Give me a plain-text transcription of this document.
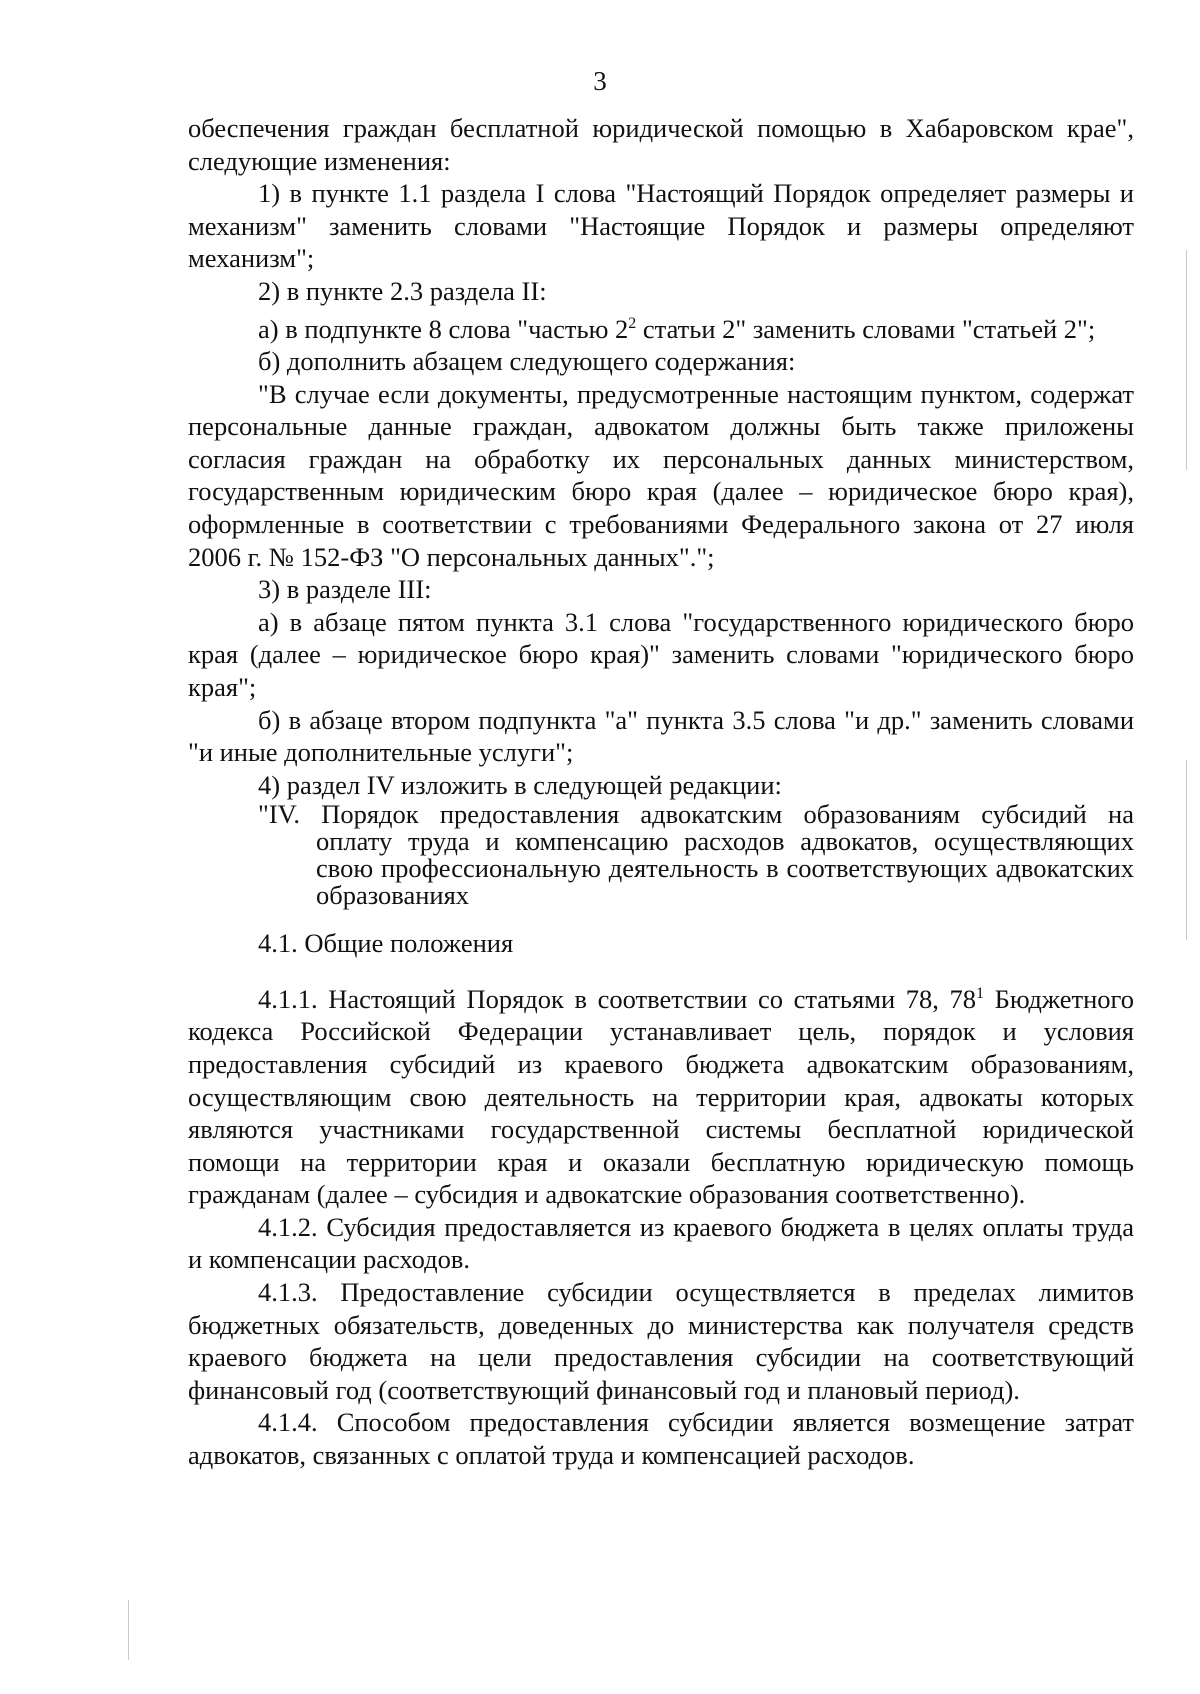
3

обеспечения граждан бесплатной юридической помощью в Хабаровском крае", следующие изменения:

1) в пункте 1.1 раздела I слова "Настоящий Порядок определяет размеры и механизм" заменить словами "Настоящие Порядок и размеры определяют механизм";

2) в пункте 2.3 раздела II:

а) в подпункте 8 слова "частью $2^2$ статьи 2" заменить словами "статьей 2";

б) дополнить абзацем следующего содержания:

"В случае если документы, предусмотренные настоящим пунктом, содержат персональные данные граждан, адвокатом должны быть также приложены согласия граждан на обработку их персональных данных министерством, государственным юридическим бюро края (далее – юридическое бюро края), оформленные в соответствии с требованиями Федерального закона от 27 июля 2006 г. № 152-ФЗ "О персональных данных".";

3) в разделе III:

а) в абзаце пятом пункта 3.1 слова "государственного юридического бюро края (далее – юридическое бюро края)" заменить словами "юридического бюро края";

б) в абзаце втором подпункта "а" пункта 3.5 слова "и др." заменить словами "и иные дополнительные услуги";

4) раздел IV изложить в следующей редакции:

"IV. Порядок предоставления адвокатским образованиям субсидий на
оплату труда и компенсацию расходов адвокатов, осуществляющих свою профессиональную деятельность в соответствующих адвокатских образованиях

4.1. Общие положения

4.1.1. Настоящий Порядок в соответствии со статьями 78, $78^1$ Бюджетного кодекса Российской Федерации устанавливает цель, порядок и условия предоставления субсидий из краевого бюджета адвокатским образованиям, осуществляющим свою деятельность на территории края, адвокаты которых являются участниками государственной системы бесплатной юридической помощи на территории края и оказали бесплатную юридическую помощь гражданам (далее – субсидия и адвокатские образования соответственно).

4.1.2. Субсидия предоставляется из краевого бюджета в целях оплаты труда и компенсации расходов.

4.1.3. Предоставление субсидии осуществляется в пределах лимитов бюджетных обязательств, доведенных до министерства как получателя средств краевого бюджета на цели предоставления субсидии на соответствующий финансовый год (соответствующий финансовый год и плановый период).

4.1.4. Способом предоставления субсидии является возмещение затрат адвокатов, связанных с оплатой труда и компенсацией расходов.
